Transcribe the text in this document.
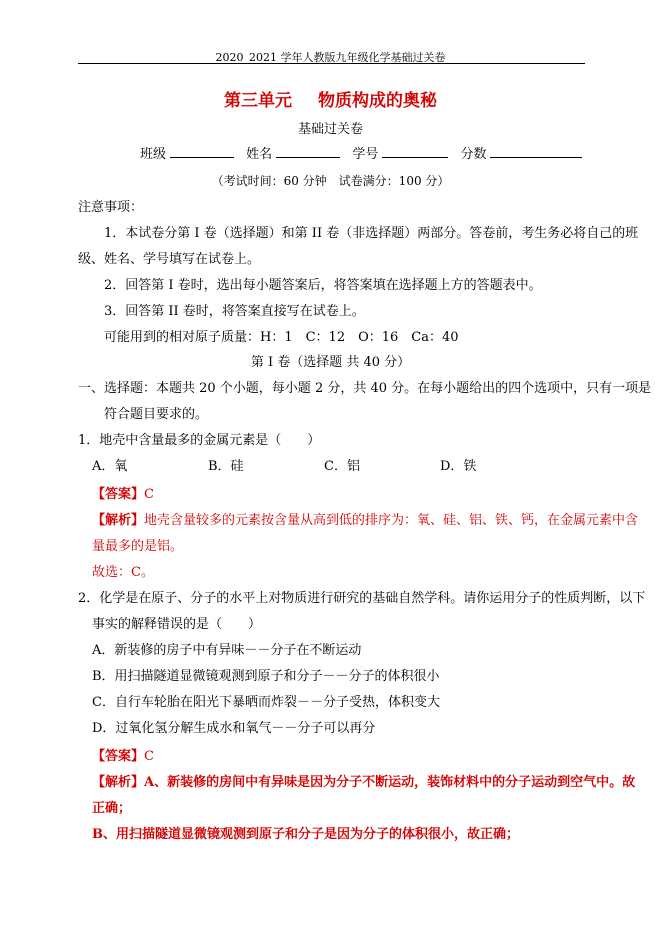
2020_2021 学年人教版九年级化学基础过关卷
第三单元 物质构成的奥秘
基础过关卷
班级	姓名	学号	分数
（考试时间：60 分钟　试卷满分：100 分）
注意事项：
1．本试卷分第 I 卷（选择题）和第 II 卷（非选择题）两部分。答卷前，考生务必将自己的班
级、姓名、学号填写在试卷上。
2．回答第 I 卷时，选出每小题答案后，将答案填在选择题上方的答题表中。
3．回答第 II 卷时，将答案直接写在试卷上。
可能用到的相对原子质量：H：1　C：12　O：16　Ca：40
第 I 卷（选择题 共 40 分）
一、选择题：本题共 20 个小题，每小题 2 分，共 40 分。在每小题给出的四个选项中，只有一项是
符合题目要求的。
1．地壳中含量最多的金属元素是（　　）
A．氧	B．硅	C．铝	D．铁
【答案】C
【解析】地壳含量较多的元素按含量从高到低的排序为：氧、硅、铝、铁、钙，在金属元素中含
量最多的是铝。
故选：C。
2．化学是在原子、分子的水平上对物质进行研究的基础自然学科。请你运用分子的性质判断，以下
事实的解释错误的是（　　）
A．新装修的房子中有异味－－分子在不断运动
B．用扫描隧道显微镜观测到原子和分子－－分子的体积很小
C．自行车轮胎在阳光下暴晒而炸裂－－分子受热，体积变大
D．过氧化氢分解生成水和氧气－－分子可以再分
【答案】C
【解析】A、新装修的房间中有异味是因为分子不断运动，装饰材料中的分子运动到空气中。故
正确；
B、用扫描隧道显微镜观测到原子和分子是因为分子的体积很小，故正确；
